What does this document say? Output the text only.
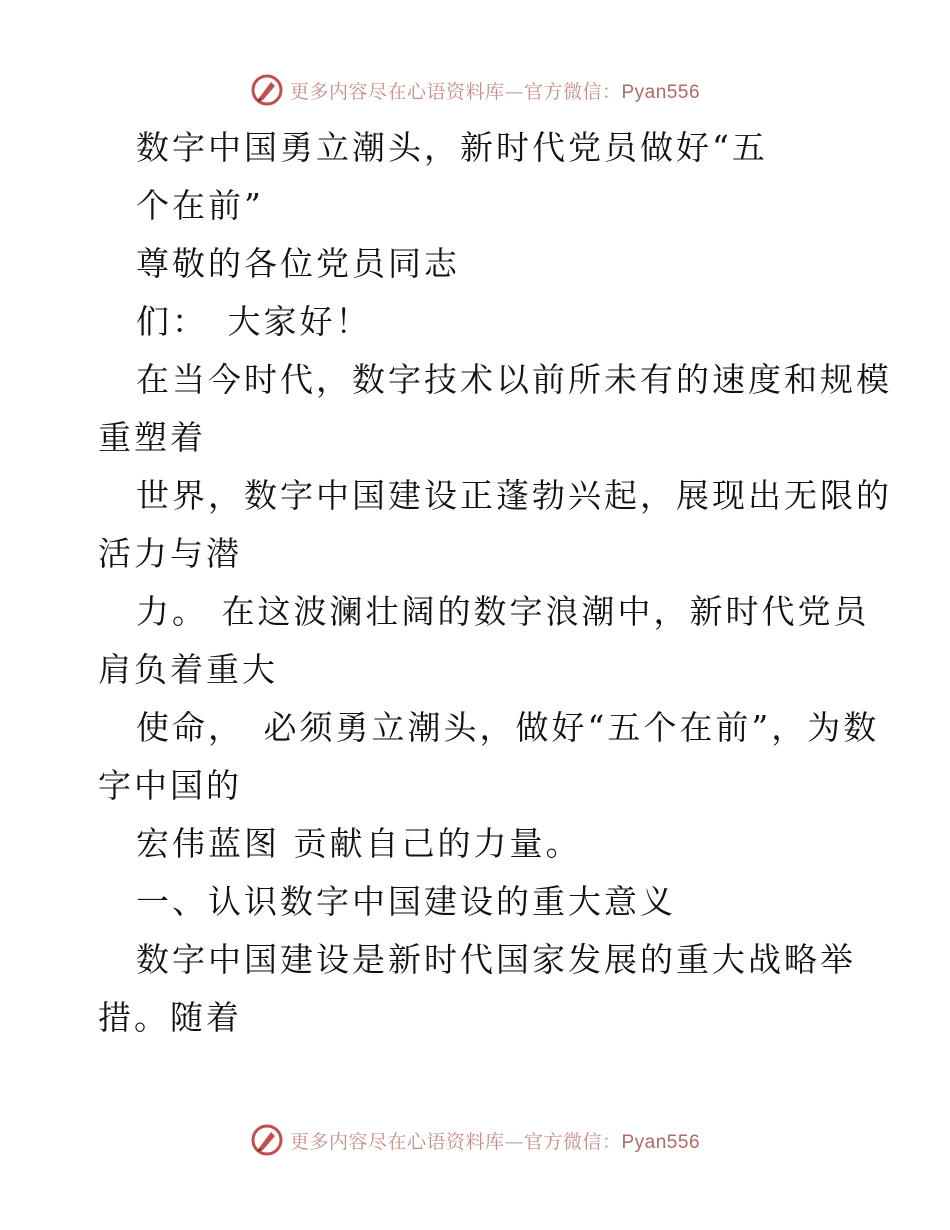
更多内容尽在心语资料库—官方微信：Pyan556
数字中国勇立潮头，新时代党员做好“五
个在前”
尊敬的各位党员同志
们：　大家好！
在当今时代，数字技术以前所未有的速度和规模
重塑着
世界，数字中国建设正蓬勃兴起，展现出无限的
活力与潜
力。 在这波澜壮阔的数字浪潮中，新时代党员
肩负着重大
使命，　必须勇立潮头，做好“五个在前”，为数
字中国的
宏伟蓝图 贡献自己的力量。
一、认识数字中国建设的重大意义
数字中国建设是新时代国家发展的重大战略举
措。随着
更多内容尽在心语资料库—官方微信：Pyan556
